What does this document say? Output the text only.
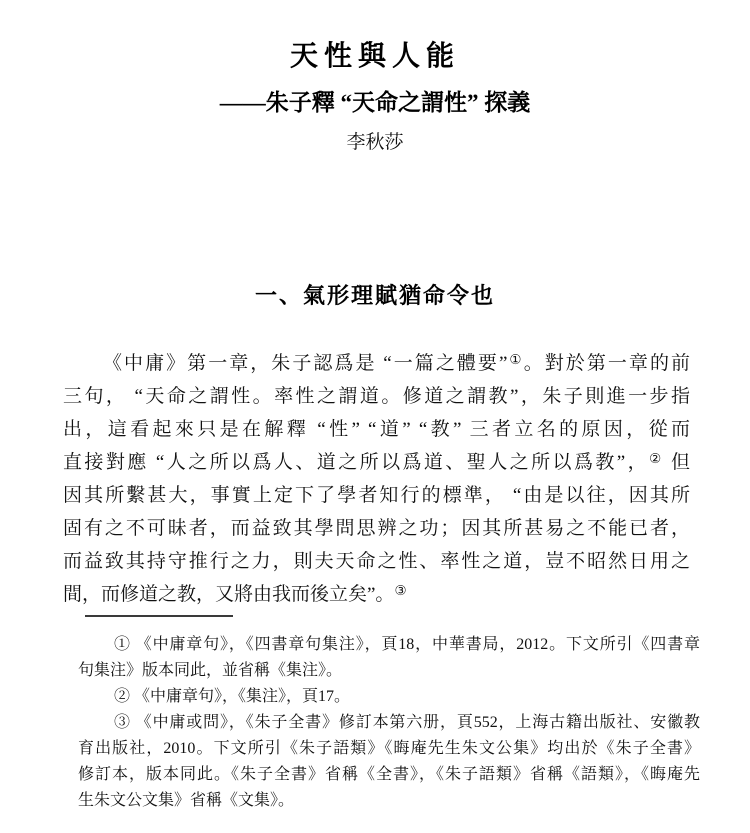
天性與人能
——朱子釋 “天命之謂性” 探義
李秋莎
一、氣形理賦猶命令也
《中庸》第一章，朱子認爲是 “一篇之體要”①。對於第一章的前
三句， “天命之謂性。率性之謂道。修道之謂教”，朱子則進一步指
出，這看起來只是在解釋 “性” “道” “教” 三者立名的原因，從而
直接對應 “人之所以爲人、道之所以爲道、聖人之所以爲教”，② 但
因其所繫甚大，事實上定下了學者知行的標準， “由是以往，因其所
固有之不可昧者，而益致其學問思辨之功；因其所甚易之不能已者，
而益致其持守推行之力，則夫天命之性、率性之道，豈不昭然日用之
間，而修道之教，又將由我而後立矣”。③
① 《中庸章句》，《四書章句集注》，頁18，中華書局，2012。下文所引《四書章
句集注》版本同此，並省稱《集注》。
② 《中庸章句》，《集注》，頁17。
③ 《中庸或問》，《朱子全書》修訂本第六册，頁552，上海古籍出版社、安徽教
育出版社，2010。下文所引《朱子語類》《晦庵先生朱文公集》均出於《朱子全書》
修訂本，版本同此。《朱子全書》省稱《全書》，《朱子語類》省稱《語類》，《晦庵先
生朱文公文集》省稱《文集》。
